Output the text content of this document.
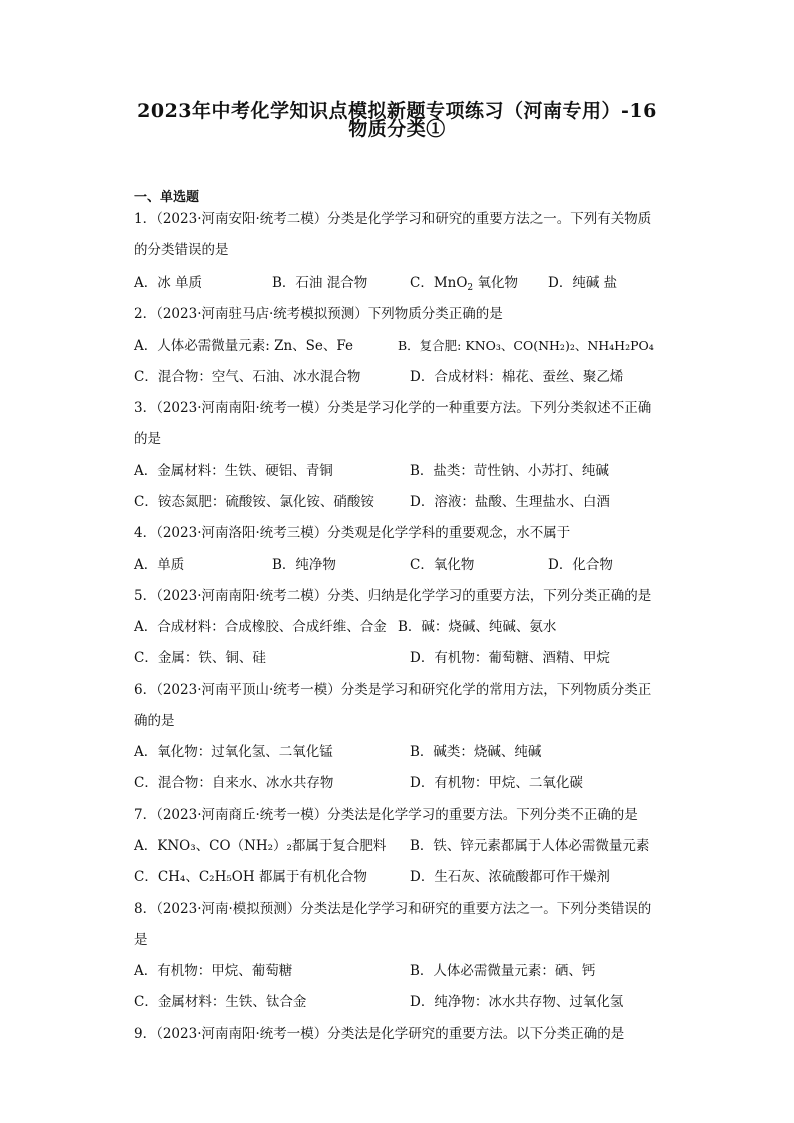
2023年中考化学知识点模拟新题专项练习（河南专用）-16
物质分类①
一、单选题
1．（2023·河南安阳·统考二模）分类是化学学习和研究的重要方法之一。下列有关物质
的分类错误的是
A．冰 单质	B．石油 混合物	C．MnO$_2$ 氧化物 D．纯碱 盐
2．（2023·河南驻马店·统考模拟预测）下列物质分类正确的是
A．人体必需微量元素: Zn、Se、Fe	B．复合肥: KNO₃、CO(NH₂)₂、NH₄H₂PO₄
C．混合物：空气、石油、冰水混合物	D．合成材料：棉花、蚕丝、聚乙烯
3．（2023·河南南阳·统考一模）分类是学习化学的一种重要方法。下列分类叙述不正确
的是
A．金属材料：生铁、硬铝、青铜	B．盐类：苛性钠、小苏打、纯碱
C．铵态氮肥：硫酸铵、氯化铵、硝酸铵	D．溶液：盐酸、生理盐水、白酒
4．（2023·河南洛阳·统考三模）分类观是化学学科的重要观念，水不属于
A．单质	B．纯净物	C．氧化物	D．化合物
5．（2023·河南南阳·统考二模）分类、归纳是化学学习的重要方法，下列分类正确的是
A．合成材料：合成橡胶、合成纤维、合金 B．碱：烧碱、纯碱、氨水
C．金属：铁、铜、硅	D．有机物：葡萄糖、酒精、甲烷
6．（2023·河南平顶山·统考一模）分类是学习和研究化学的常用方法，下列物质分类正
确的是
A．氧化物：过氧化氢、二氧化锰	B．碱类：烧碱、纯碱
C．混合物：自来水、冰水共存物	D．有机物：甲烷、二氧化碳
7．（2023·河南商丘·统考一模）分类法是化学学习的重要方法。下列分类不正确的是
A．KNO₃、CO（NH₂）₂都属于复合肥料 B．铁、锌元素都属于人体必需微量元素
C．CH₄、C₂H₅OH 都属于有机化合物	D．生石灰、浓硫酸都可作干燥剂
8．（2023·河南·模拟预测）分类法是化学学习和研究的重要方法之一。下列分类错误的
是
A．有机物：甲烷、葡萄糖	B．人体必需微量元素：硒、钙
C．金属材料：生铁、钛合金	D．纯净物：冰水共存物、过氧化氢
9．（2023·河南南阳·统考一模）分类法是化学研究的重要方法。以下分类正确的是
